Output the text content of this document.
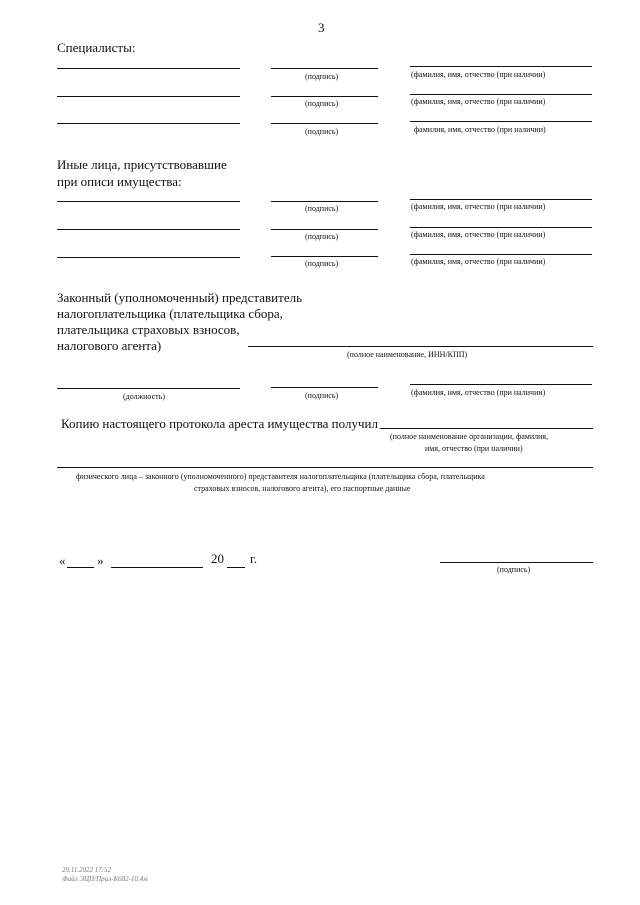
3
Специалисты:
(подпись)	(фамилия, имя, отчество (при наличии)
(подпись)	(фамилия, имя, отчество (при наличии)
(подпись)	фамилия, имя, отчество (при наличии)
Иные лица, присутствовавшие
при описи имущества:
(подпись)	(фамилия, имя, отчество (при наличии)
(подпись)	(фамилия, имя, отчество (при наличии)
(подпись)	(фамилия, имя, отчество (при наличии)
Законный (уполномоченный) представитель
налогоплательщика (плательщика сбора,
плательщика страховых взносов,
налогового агента)
(полное наименование, ИНН/КПП)
(должность)	(подпись)	(фамилия, имя, отчество (при наличии)
Копию настоящего протокола ареста имущества получил
(полное наименование организации, фамилия,
имя, отчество (при наличии)
физического лица – законного (уполномоченного) представителя налогоплательщика (плательщика сбора, плательщика
страховых взносов, налогового агента), его паспортные данные
« »	20 г.
(подпись)
29.11.2022 17:52
Файл ЭЦП/Прил-К682-10.4м
